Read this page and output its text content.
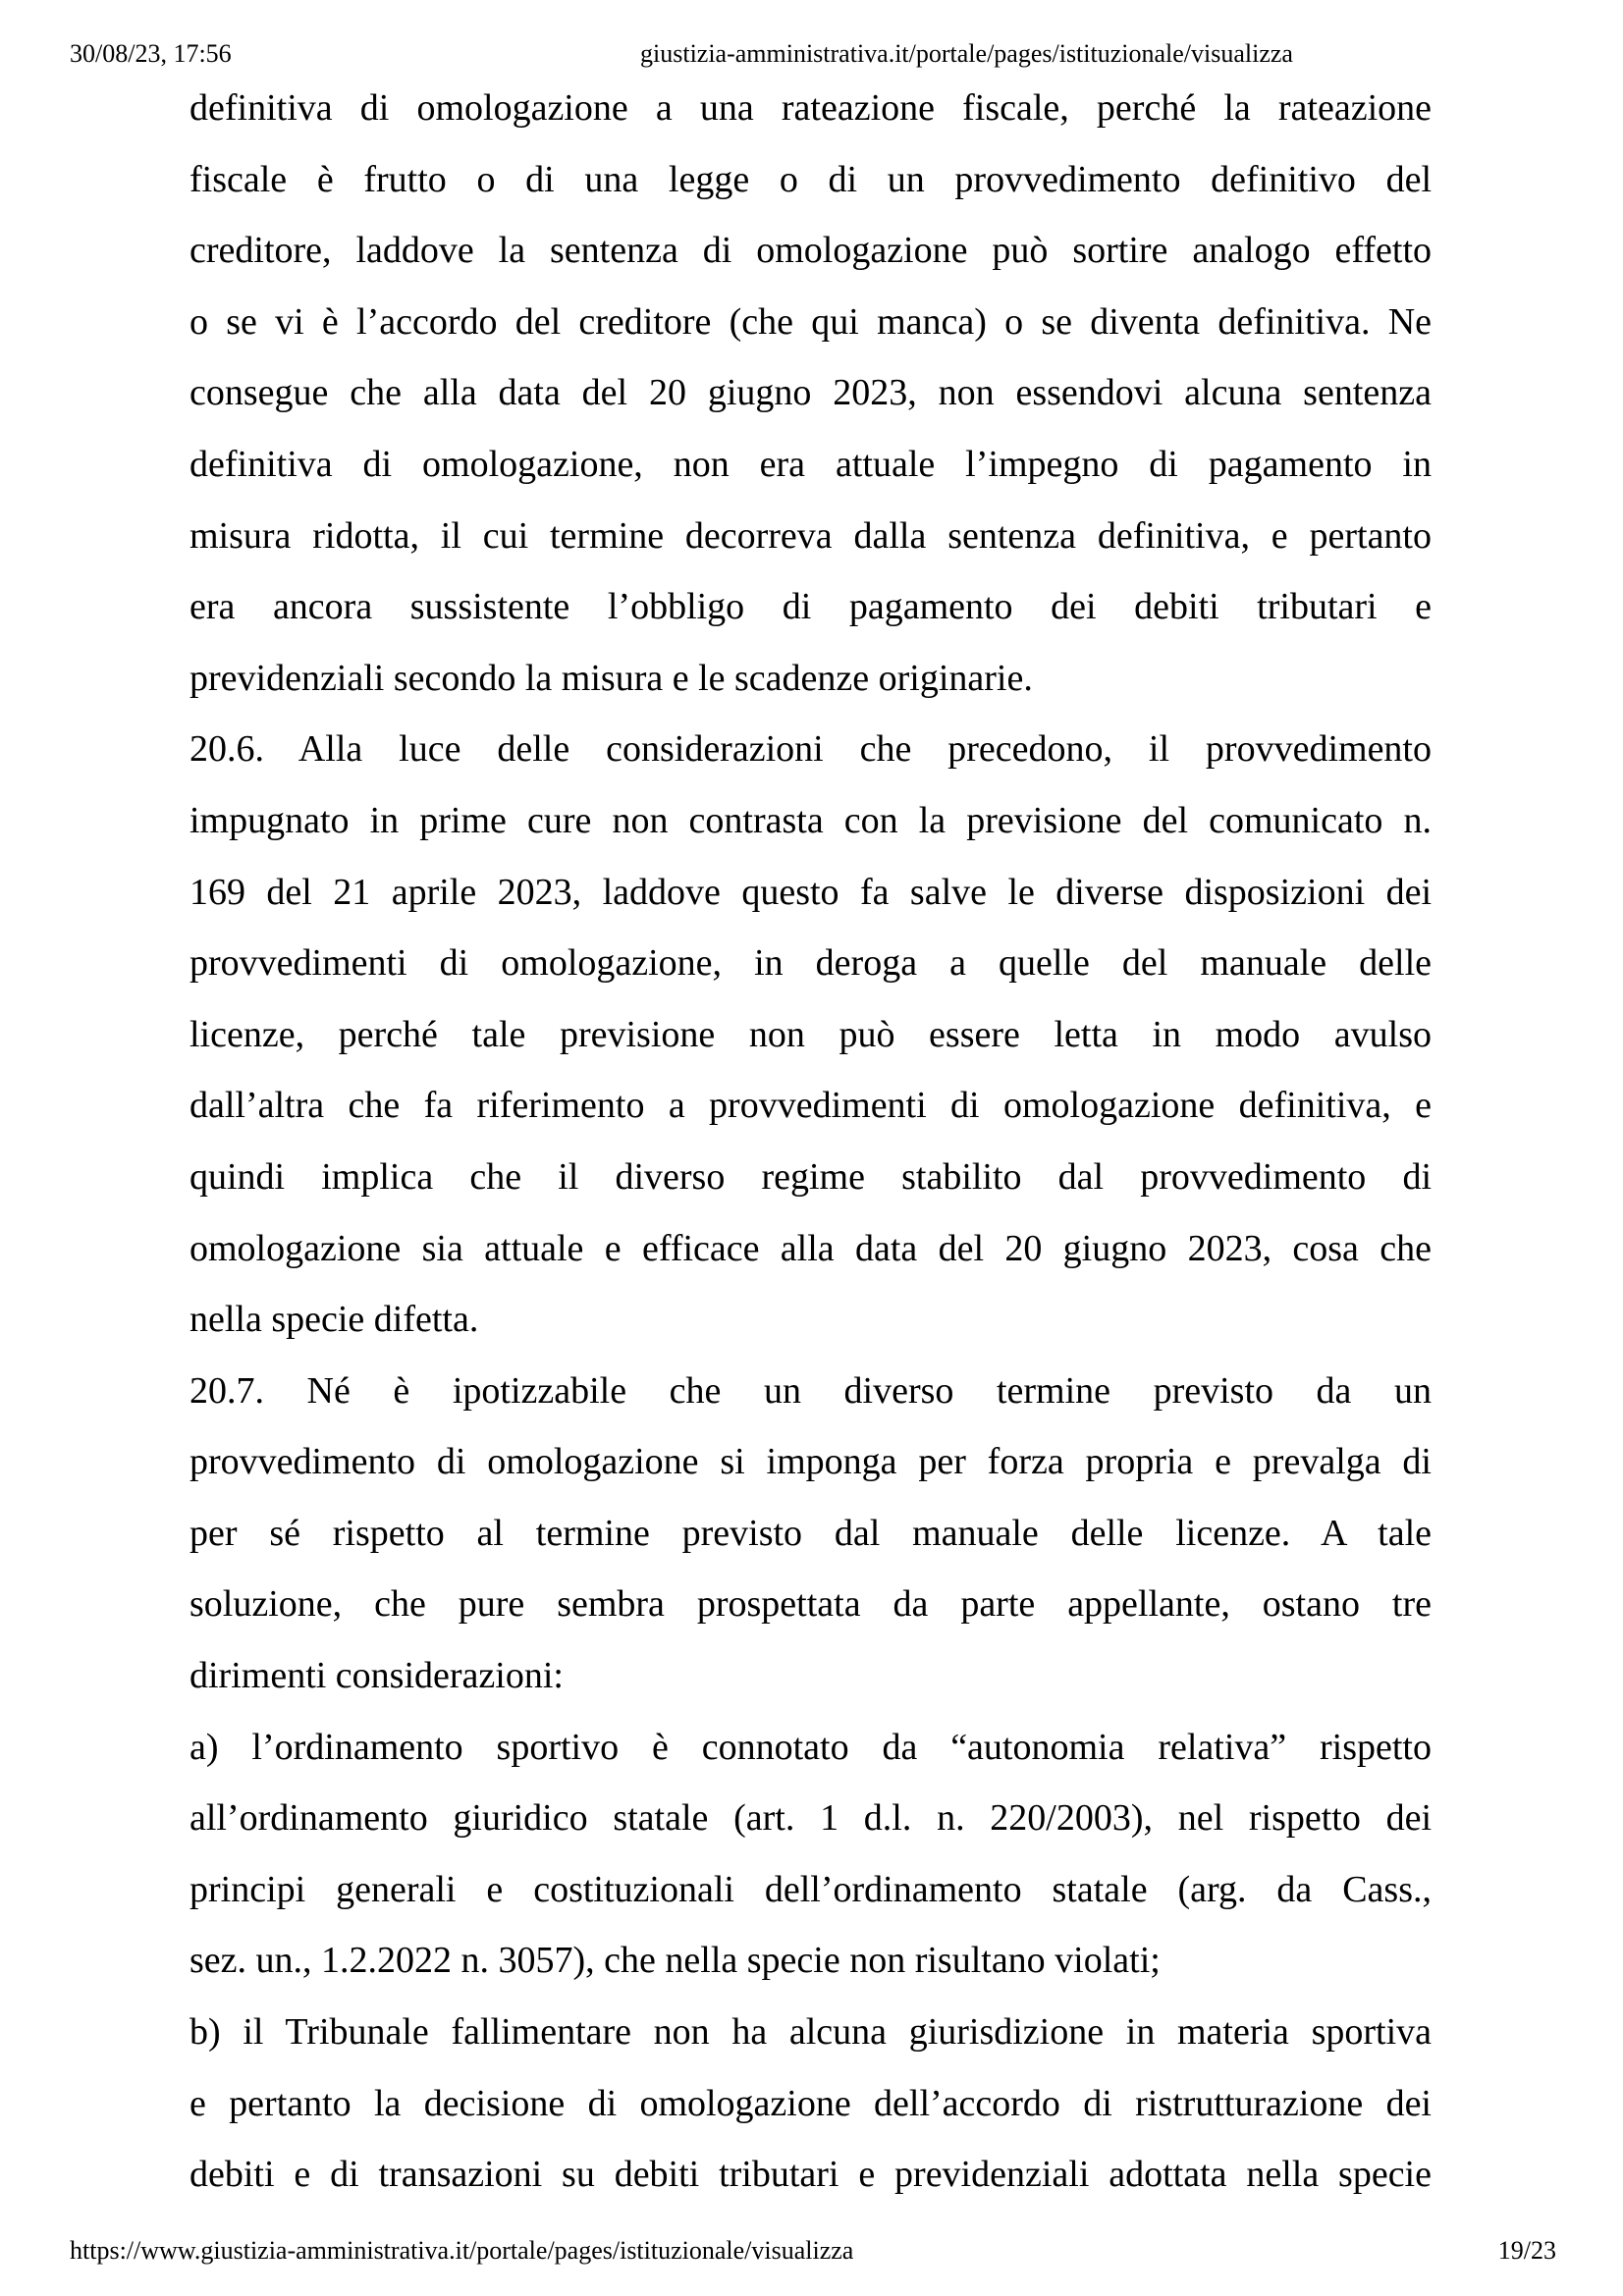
30/08/23, 17:56	giustizia-amministrativa.it/portale/pages/istituzionale/visualizza
definitiva di omologazione a una rateazione fiscale, perché la rateazione
fiscale è frutto o di una legge o di un provvedimento definitivo del
creditore, laddove la sentenza di omologazione può sortire analogo effetto
o se vi è l’accordo del creditore (che qui manca) o se diventa definitiva. Ne
consegue che alla data del 20 giugno 2023, non essendovi alcuna sentenza
definitiva di omologazione, non era attuale l’impegno di pagamento in
misura ridotta, il cui termine decorreva dalla sentenza definitiva, e pertanto
era ancora sussistente l’obbligo di pagamento dei debiti tributari e
previdenziali secondo la misura e le scadenze originarie.
20.6. Alla luce delle considerazioni che precedono, il provvedimento
impugnato in prime cure non contrasta con la previsione del comunicato n.
169 del 21 aprile 2023, laddove questo fa salve le diverse disposizioni dei
provvedimenti di omologazione, in deroga a quelle del manuale delle
licenze, perché tale previsione non può essere letta in modo avulso
dall’altra che fa riferimento a provvedimenti di omologazione definitiva, e
quindi implica che il diverso regime stabilito dal provvedimento di
omologazione sia attuale e efficace alla data del 20 giugno 2023, cosa che
nella specie difetta.
20.7. Né è ipotizzabile che un diverso termine previsto da un
provvedimento di omologazione si imponga per forza propria e prevalga di
per sé rispetto al termine previsto dal manuale delle licenze. A tale
soluzione, che pure sembra prospettata da parte appellante, ostano tre
dirimenti considerazioni:
a) l’ordinamento sportivo è connotato da “autonomia relativa” rispetto
all’ordinamento giuridico statale (art. 1 d.l. n. 220/2003), nel rispetto dei
principi generali e costituzionali dell’ordinamento statale (arg. da Cass.,
sez. un., 1.2.2022 n. 3057), che nella specie non risultano violati;
b) il Tribunale fallimentare non ha alcuna giurisdizione in materia sportiva
e pertanto la decisione di omologazione dell’accordo di ristrutturazione dei
debiti e di transazioni su debiti tributari e previdenziali adottata nella specie
https://www.giustizia-amministrativa.it/portale/pages/istituzionale/visualizza	19/23
